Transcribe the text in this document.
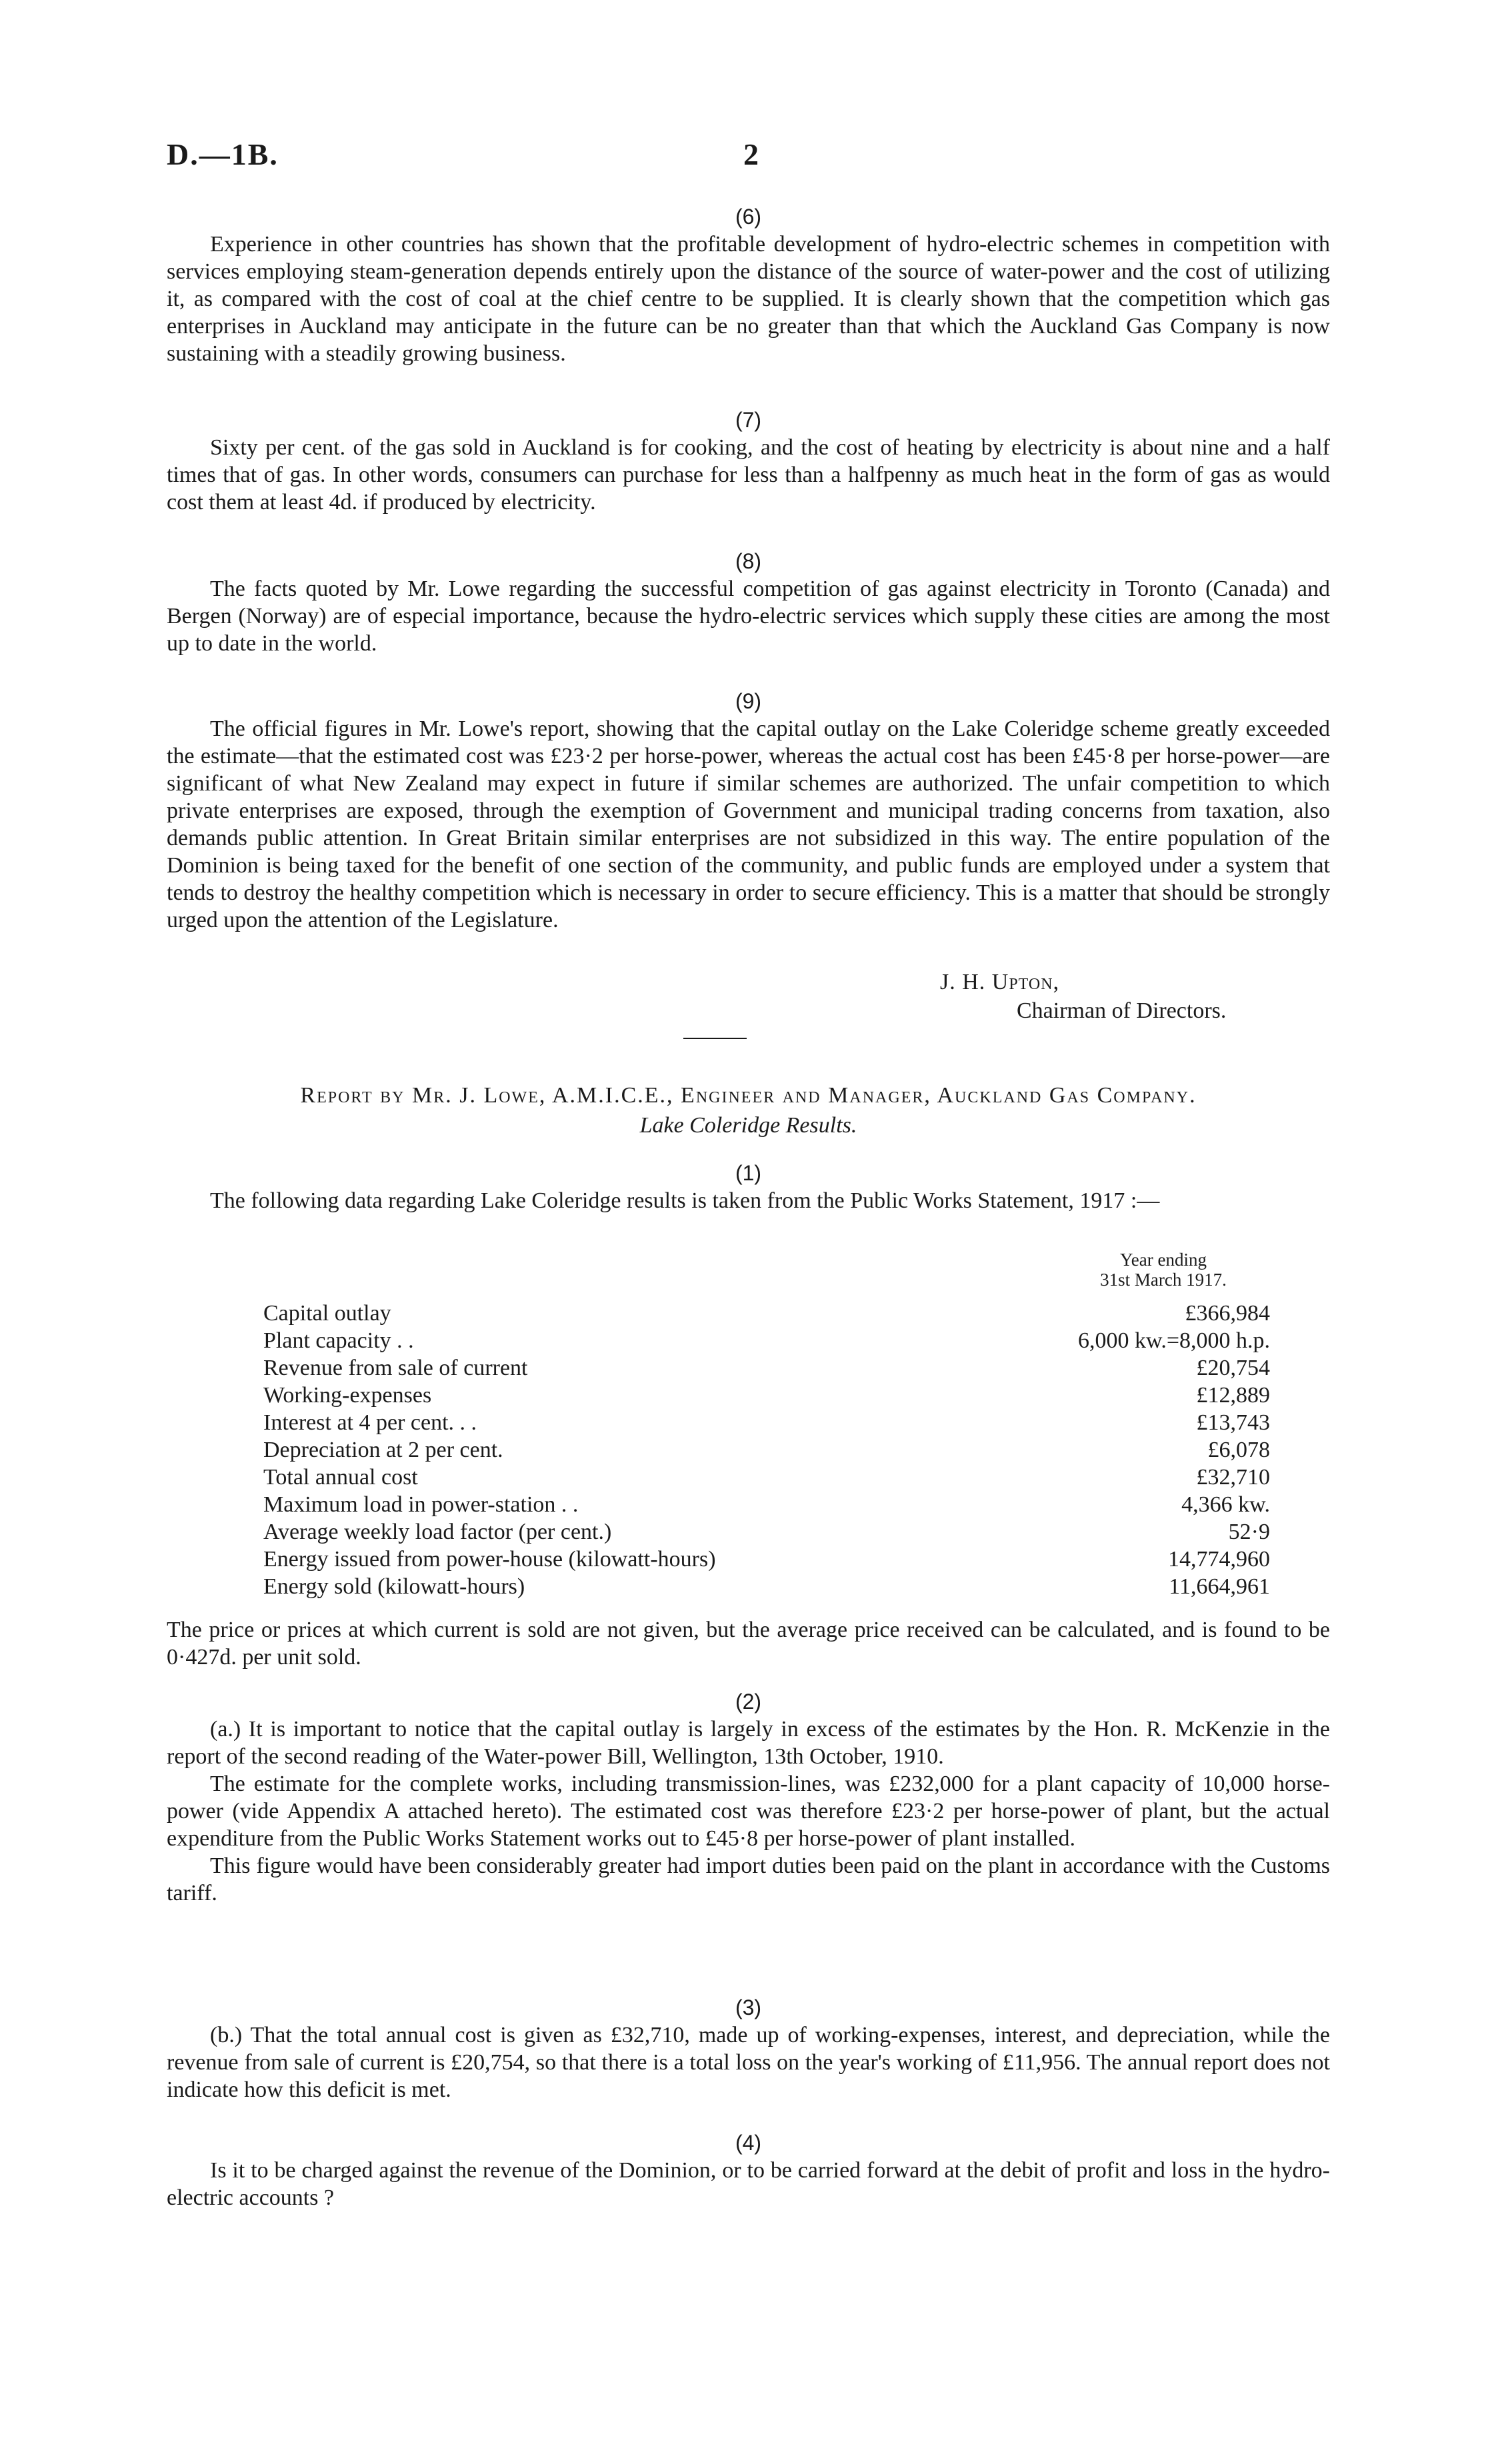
D.—1B.	2
(6)

Experience in other countries has shown that the profitable development of hydro-electric schemes in competition with services employing steam-generation depends entirely upon the distance of the source of water-power and the cost of utilizing it, as compared with the cost of coal at the chief centre to be supplied. It is clearly shown that the competition which gas enterprises in Auckland may anticipate in the future can be no greater than that which the Auckland Gas Company is now sustaining with a steadily growing business.

(7)

Sixty per cent. of the gas sold in Auckland is for cooking, and the cost of heating by electricity is about nine and a half times that of gas. In other words, consumers can purchase for less than a halfpenny as much heat in the form of gas as would cost them at least 4d. if produced by electricity.

(8)

The facts quoted by Mr. Lowe regarding the successful competition of gas against electricity in Toronto (Canada) and Bergen (Norway) are of especial importance, because the hydro-electric services which supply these cities are among the most up to date in the world.

(9)

The official figures in Mr. Lowe's report, showing that the capital outlay on the Lake Coleridge scheme greatly exceeded the estimate—that the estimated cost was £23·2 per horse-power, whereas the actual cost has been £45·8 per horse-power—are significant of what New Zealand may expect in future if similar schemes are authorized. The unfair competition to which private enterprises are exposed, through the exemption of Government and municipal trading concerns from taxation, also demands public attention. In Great Britain similar enterprises are not subsidized in this way. The entire population of the Dominion is being taxed for the benefit of one section of the community, and public funds are employed under a system that tends to destroy the healthy competition which is necessary in order to secure efficiency. This is a matter that should be strongly urged upon the attention of the Legislature.

J. H. Upton,
Chairman of Directors.
Report by Mr. J. Lowe, A.M.I.C.E., Engineer and Manager, Auckland Gas Company.
Lake Coleridge Results.
(1)

The following data regarding Lake Coleridge results is taken from the Public Works Statement, 1917 :—

Year ending
31st March 1917.
Capital outlay	£366,984
Plant capacity . .	6,000 kw.=8,000 h.p.
Revenue from sale of current	£20,754
Working-expenses	£12,889
Interest at 4 per cent. . .	£13,743
Depreciation at 2 per cent.	£6,078
Total annual cost	£32,710
Maximum load in power-station . .	4,366 kw.
Average weekly load factor (per cent.)	52·9
Energy issued from power-house (kilowatt-hours)	14,774,960
Energy sold (kilowatt-hours)	11,664,961

The price or prices at which current is sold are not given, but the average price received can be calculated, and is found to be 0·427d. per unit sold.

(2)

(a.) It is important to notice that the capital outlay is largely in excess of the estimates by the Hon. R. McKenzie in the report of the second reading of the Water-power Bill, Wellington, 13th October, 1910.

The estimate for the complete works, including transmission-lines, was £232,000 for a plant capacity of 10,000 horse-power (vide Appendix A attached hereto). The estimated cost was therefore £23·2 per horse-power of plant, but the actual expenditure from the Public Works Statement works out to £45·8 per horse-power of plant installed.

This figure would have been considerably greater had import duties been paid on the plant in accordance with the Customs tariff.

(3)

(b.) That the total annual cost is given as £32,710, made up of working-expenses, interest, and depreciation, while the revenue from sale of current is £20,754, so that there is a total loss on the year's working of £11,956. The annual report does not indicate how this deficit is met.

(4)

Is it to be charged against the revenue of the Dominion, or to be carried forward at the debit of profit and loss in the hydro-electric accounts ?
